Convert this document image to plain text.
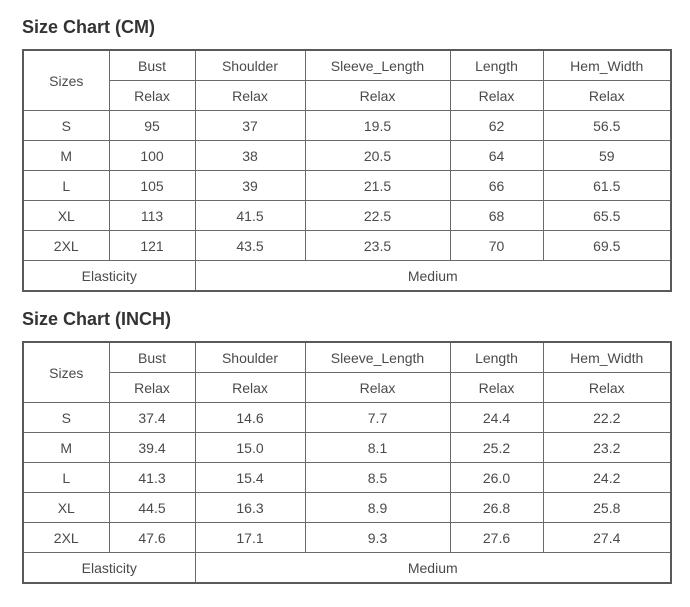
Size Chart (CM)
Sizes	Bust	Shoulder	Sleeve_Length	Length	Hem_Width
	Relax	Relax	Relax	Relax	Relax
S	95	37	19.5	62	56.5
M	100	38	20.5	64	59
L	105	39	21.5	66	61.5
XL	113	41.5	22.5	68	65.5
2XL	121	43.5	23.5	70	69.5
Elasticity		Medium			
Size Chart (INCH)
Sizes	Bust	Shoulder	Sleeve_Length	Length	Hem_Width
	Relax	Relax	Relax	Relax	Relax
S	37.4	14.6	7.7	24.4	22.2
M	39.4	15.0	8.1	25.2	23.2
L	41.3	15.4	8.5	26.0	24.2
XL	44.5	16.3	8.9	26.8	25.8
2XL	47.6	17.1	9.3	27.6	27.4
Elasticity		Medium			
